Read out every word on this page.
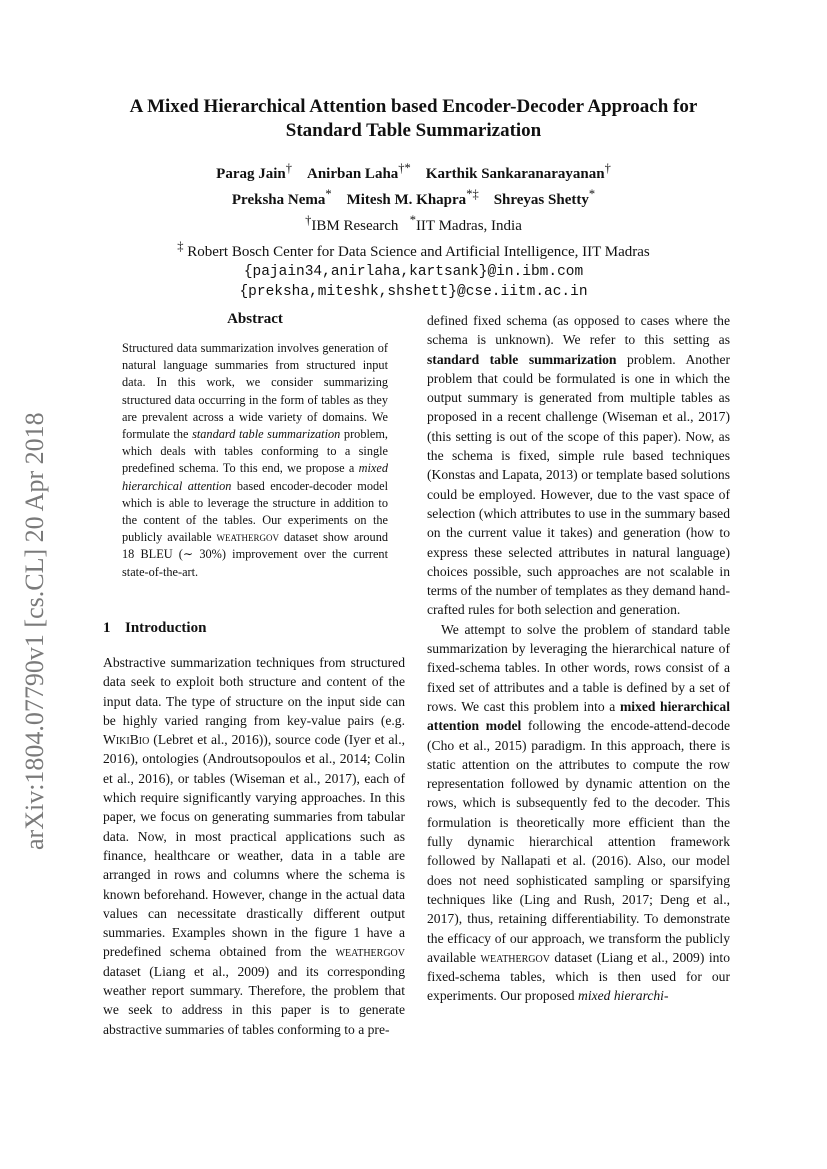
arXiv:1804.07790v1 [cs.CL] 20 Apr 2018
A Mixed Hierarchical Attention based Encoder-Decoder Approach for
Standard Table Summarization
Parag Jain† Anirban Laha†* Karthik Sankaranarayanan†
Preksha Nema* Mitesh M. Khapra*‡ Shreyas Shetty*
†IBM Research *IIT Madras, India
‡ Robert Bosch Center for Data Science and Artificial Intelligence, IIT Madras
{pajain34,anirlaha,kartsank}@in.ibm.com
{preksha,miteshk,shshett}@cse.iitm.ac.in
Abstract

Structured data summarization involves generation of natural language summaries from structured input data. In this work, we consider summarizing structured data occurring in the form of tables as they are prevalent across a wide variety of domains. We formulate the standard table summarization problem, which deals with tables conforming to a single predefined schema. To this end, we propose a mixed hierarchical attention based encoder-decoder model which is able to leverage the structure in addition to the content of the tables. Our experiments on the publicly available weathergov dataset show around 18 BLEU (∼ 30%) improvement over the current state-of-the-art.

1 Introduction

Abstractive summarization techniques from structured data seek to exploit both structure and content of the input data. The type of structure on the input side can be highly varied ranging from key-value pairs (e.g. WikiBio (Lebret et al., 2016)), source code (Iyer et al., 2016), ontologies (Androutsopoulos et al., 2014; Colin et al., 2016), or tables (Wiseman et al., 2017), each of which require significantly varying approaches. In this paper, we focus on generating summaries from tabular data. Now, in most practical applications such as finance, healthcare or weather, data in a table are arranged in rows and columns where the schema is known beforehand. However, change in the actual data values can necessitate drastically different output summaries. Examples shown in the figure 1 have a predefined schema obtained from the weathergov dataset (Liang et al., 2009) and its corresponding weather report summary. Therefore, the problem that we seek to address in this paper is to generate abstractive summaries of tables conforming to a pre-

defined fixed schema (as opposed to cases where the schema is unknown). We refer to this setting as standard table summarization problem. Another problem that could be formulated is one in which the output summary is generated from multiple tables as proposed in a recent challenge (Wiseman et al., 2017) (this setting is out of the scope of this paper). Now, as the schema is fixed, simple rule based techniques (Konstas and Lapata, 2013) or template based solutions could be employed. However, due to the vast space of selection (which attributes to use in the summary based on the current value it takes) and generation (how to express these selected attributes in natural language) choices possible, such approaches are not scalable in terms of the number of templates as they demand hand-crafted rules for both selection and generation.

We attempt to solve the problem of standard table summarization by leveraging the hierarchical nature of fixed-schema tables. In other words, rows consist of a fixed set of attributes and a table is defined by a set of rows. We cast this problem into a mixed hierarchical attention model following the encode-attend-decode (Cho et al., 2015) paradigm. In this approach, there is static attention on the attributes to compute the row representation followed by dynamic attention on the rows, which is subsequently fed to the decoder. This formulation is theoretically more efficient than the fully dynamic hierarchical attention framework followed by Nallapati et al. (2016). Also, our model does not need sophisticated sampling or sparsifying techniques like (Ling and Rush, 2017; Deng et al., 2017), thus, retaining differentiability. To demonstrate the efficacy of our approach, we transform the publicly available weathergov dataset (Liang et al., 2009) into fixed-schema tables, which is then used for our experiments. Our proposed mixed hierarchi-
